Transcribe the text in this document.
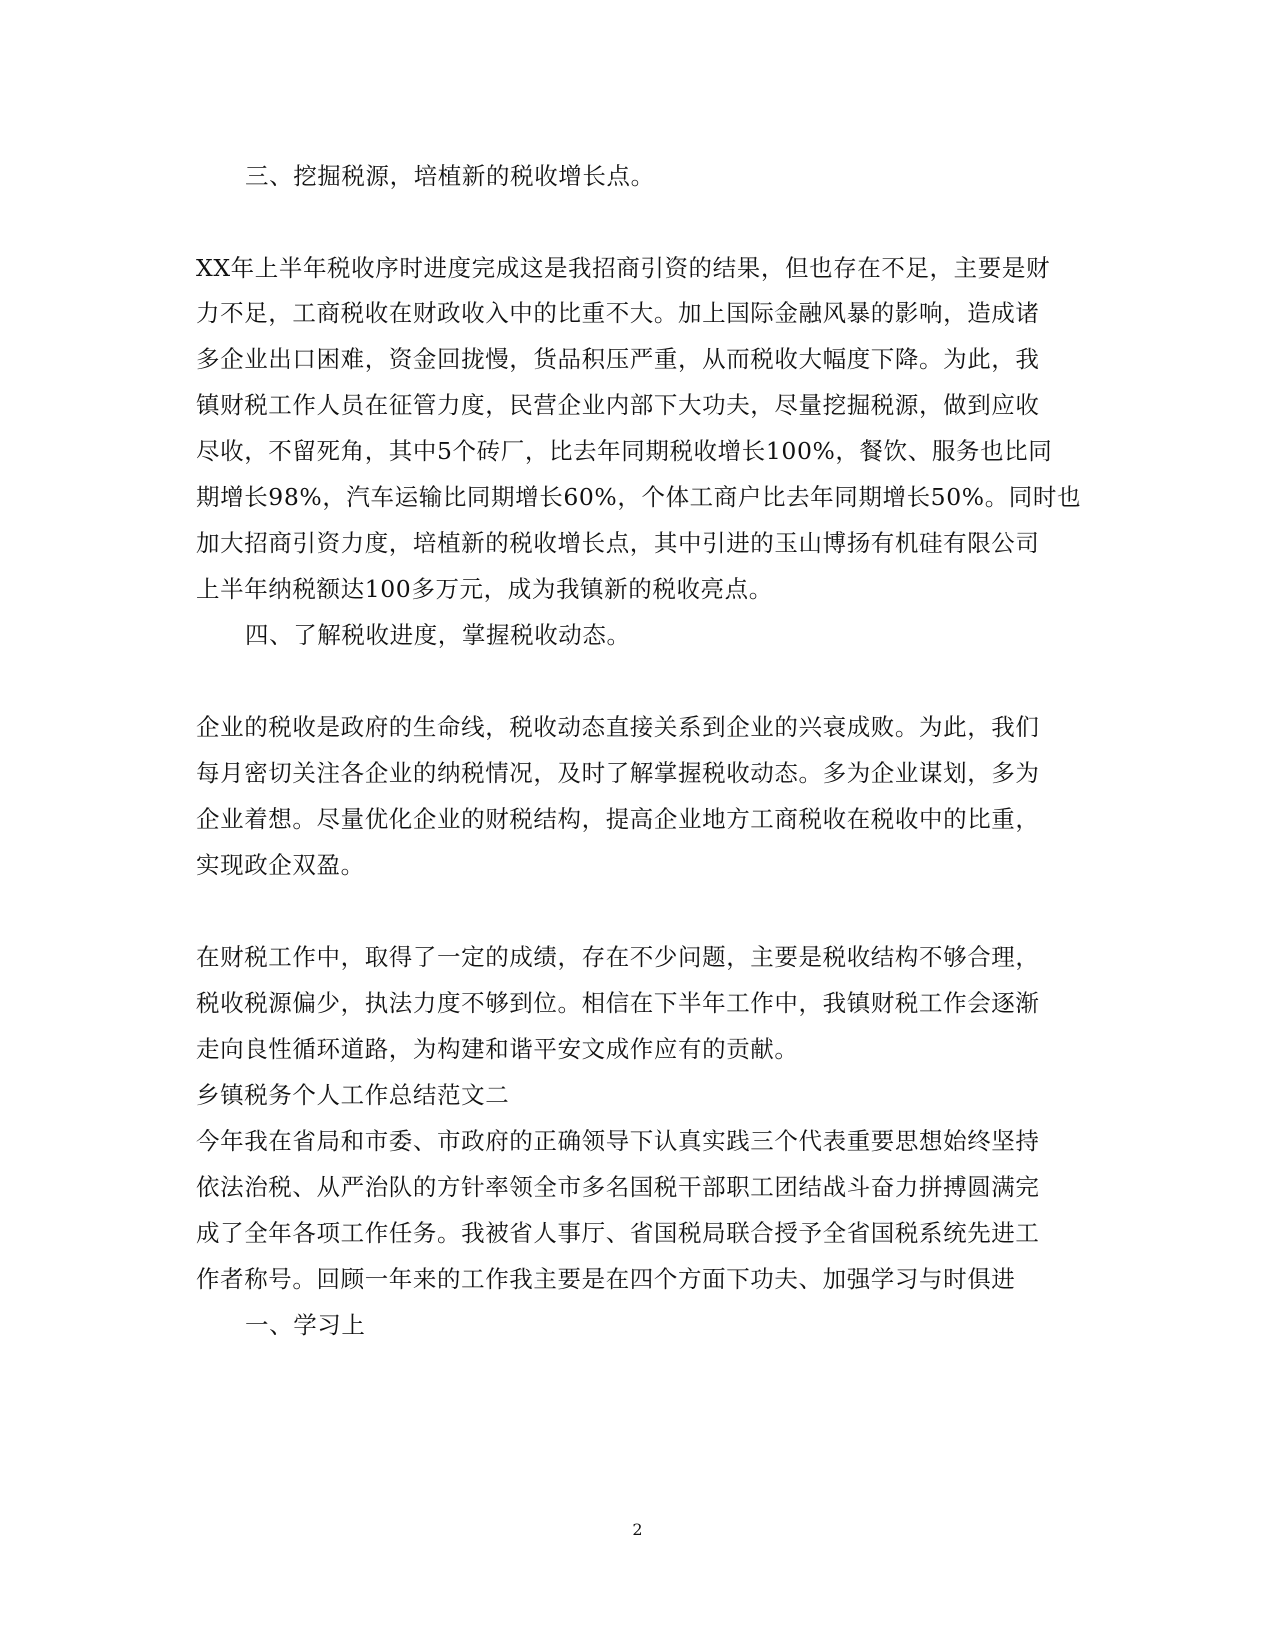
三、挖掘税源，培植新的税收增长点。
XX年上半年税收序时进度完成这是我招商引资的结果，但也存在不足，主要是财
力不足，工商税收在财政收入中的比重不大。加上国际金融风暴的影响，造成诸
多企业出口困难，资金回拢慢，货品积压严重，从而税收大幅度下降。为此，我
镇财税工作人员在征管力度，民营企业内部下大功夫，尽量挖掘税源，做到应收
尽收，不留死角，其中5个砖厂，比去年同期税收增长100%，餐饮、服务也比同
期增长98%，汽车运输比同期增长60%，个体工商户比去年同期增长50%。同时也
加大招商引资力度，培植新的税收增长点，其中引进的玉山博扬有机硅有限公司
上半年纳税额达100多万元，成为我镇新的税收亮点。
四、了解税收进度，掌握税收动态。
企业的税收是政府的生命线，税收动态直接关系到企业的兴衰成败。为此，我们
每月密切关注各企业的纳税情况，及时了解掌握税收动态。多为企业谋划，多为
企业着想。尽量优化企业的财税结构，提高企业地方工商税收在税收中的比重，
实现政企双盈。
在财税工作中，取得了一定的成绩，存在不少问题，主要是税收结构不够合理，
税收税源偏少，执法力度不够到位。相信在下半年工作中，我镇财税工作会逐渐
走向良性循环道路，为构建和谐平安文成作应有的贡献。
乡镇税务个人工作总结范文二
今年我在省局和市委、市政府的正确领导下认真实践三个代表重要思想始终坚持
依法治税、从严治队的方针率领全市多名国税干部职工团结战斗奋力拼搏圆满完
成了全年各项工作任务。我被省人事厅、省国税局联合授予全省国税系统先进工
作者称号。回顾一年来的工作我主要是在四个方面下功夫、加强学习与时俱进
一、学习上
2
